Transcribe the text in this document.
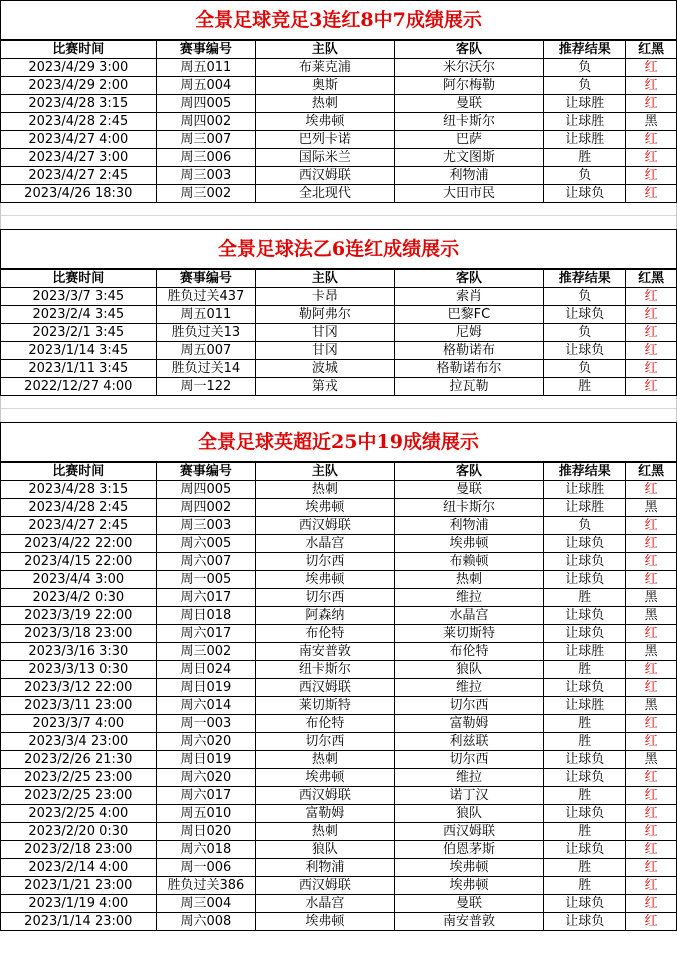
全景足球竞足3连红8中7成绩展示
比赛时间	赛事编号	主队	客队	推荐结果	红黑
2023/4/29 3:00	周五011	布莱克浦	米尔沃尔	负	红
2023/4/29 2:00	周五004	奥斯	阿尔梅勒	负	红
2023/4/28 3:15	周四005	热刺	曼联	让球胜	红
2023/4/28 2:45	周四002	埃弗顿	纽卡斯尔	让球胜	黑
2023/4/27 4:00	周三007	巴列卡诺	巴萨	让球胜	红
2023/4/27 3:00	周三006	国际米兰	尤文图斯	胜	红
2023/4/27 2:45	周三003	西汉姆联	利物浦	负	红
2023/4/26 18:30	周三002	全北现代	大田市民	让球负	红
全景足球法乙6连红成绩展示
比赛时间	赛事编号	主队	客队	推荐结果	红黑
2023/3/7 3:45	胜负过关437	卡昂	索肖	负	红
2023/2/4 3:45	周五011	勒阿弗尔	巴黎FC	让球负	红
2023/2/1 3:45	胜负过关13	甘冈	尼姆	负	红
2023/1/14 3:45	周五007	甘冈	格勒诺布	让球负	红
2023/1/11 3:45	胜负过关14	波城	格勒诺布尔	负	红
2022/12/27 4:00	周一122	第戎	拉瓦勒	胜	红
全景足球英超近25中19成绩展示
比赛时间	赛事编号	主队	客队	推荐结果	红黑
2023/4/28 3:15	周四005	热刺	曼联	让球胜	红
2023/4/28 2:45	周四002	埃弗顿	纽卡斯尔	让球胜	黑
2023/4/27 2:45	周三003	西汉姆联	利物浦	负	红
2023/4/22 22:00	周六005	水晶宫	埃弗顿	让球负	红
2023/4/15 22:00	周六007	切尔西	布赖顿	让球负	红
2023/4/4 3:00	周一005	埃弗顿	热刺	让球负	红
2023/4/2 0:30	周六017	切尔西	维拉	胜	黑
2023/3/19 22:00	周日018	阿森纳	水晶宫	让球负	黑
2023/3/18 23:00	周六017	布伦特	莱切斯特	让球负	红
2023/3/16 3:30	周三002	南安普敦	布伦特	让球胜	黑
2023/3/13 0:30	周日024	纽卡斯尔	狼队	胜	红
2023/3/12 22:00	周日019	西汉姆联	维拉	让球负	红
2023/3/11 23:00	周六014	莱切斯特	切尔西	让球胜	黑
2023/3/7 4:00	周一003	布伦特	富勒姆	胜	红
2023/3/4 23:00	周六020	切尔西	利兹联	胜	红
2023/2/26 21:30	周日019	热刺	切尔西	让球负	黑
2023/2/25 23:00	周六020	埃弗顿	维拉	让球负	红
2023/2/25 23:00	周六017	西汉姆联	诺丁汉	胜	红
2023/2/25 4:00	周五010	富勒姆	狼队	让球负	红
2023/2/20 0:30	周日020	热刺	西汉姆联	胜	红
2023/2/18 23:00	周六018	狼队	伯恩茅斯	让球负	红
2023/2/14 4:00	周一006	利物浦	埃弗顿	胜	红
2023/1/21 23:00	胜负过关386	西汉姆联	埃弗顿	胜	红
2023/1/19 4:00	周三004	水晶宫	曼联	让球负	红
2023/1/14 23:00	周六008	埃弗顿	南安普敦	让球负	红
